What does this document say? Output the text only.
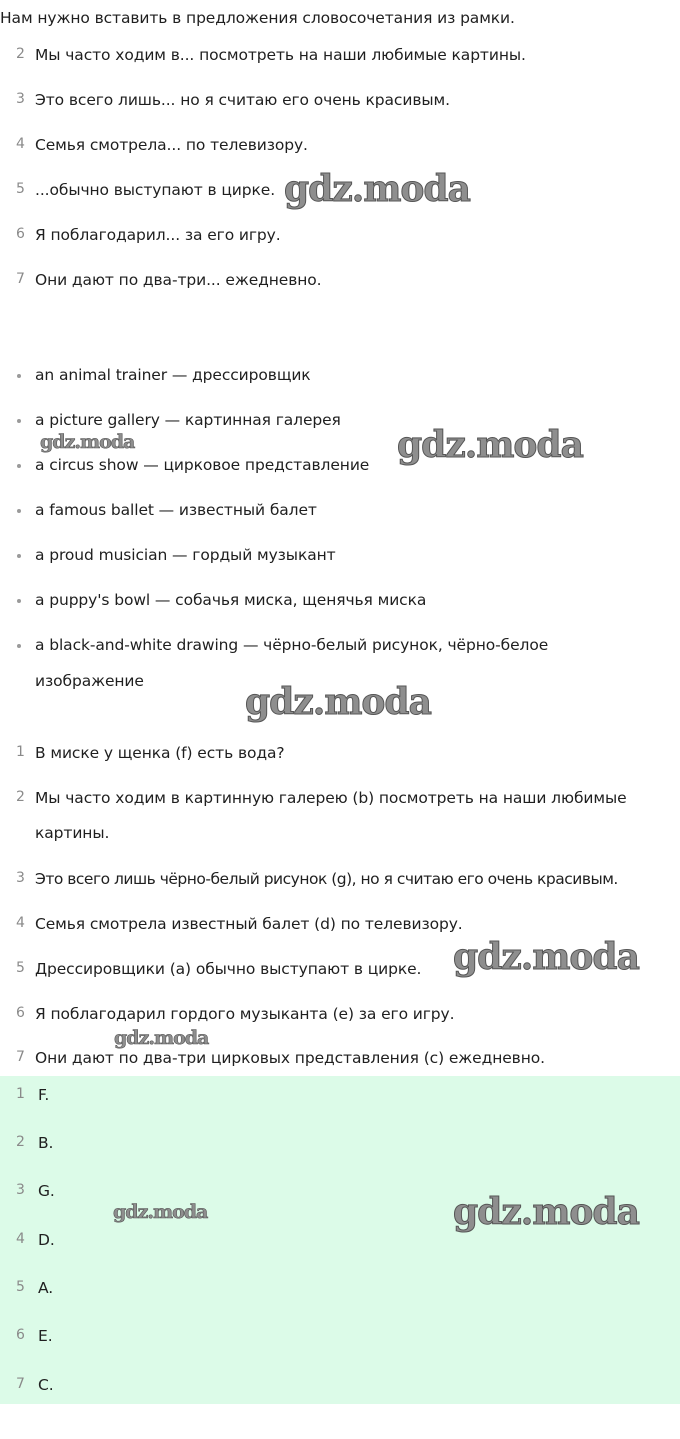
Нам нужно вставить в предложения словосочетания из рамки.
2 Мы часто ходим в... посмотреть на наши любимые картины.
3 Это всего лишь... но я считаю его очень красивым.
4 Семья смотрела... по телевизору.
5 ...обычно выступают в цирке.
6 Я поблагодарил... за его игру.
7 Они дают по два-три... ежедневно.
an animal trainer — дрессировщик
a picture gallery — картинная галерея
a circus show — цирковое представление
a famous ballet — известный балет
a proud musician — гордый музыкант
a puppy's bowl — собачья миска, щенячья миска
a black-and-white drawing — чёрно-белый рисунок, чёрно-белое
изображение
1 В миске у щенка (f) есть вода?
2 Мы часто ходим в картинную галерею (b) посмотреть на наши любимые
картины.
3 Это всего лишь чёрно-белый рисунок (g), но я считаю его очень красивым.
4 Семья смотрела известный балет (d) по телевизору.
5 Дрессировщики (a) обычно выступают в цирке.
6 Я поблагодарил гордого музыканта (e) за его игру.
7 Они дают по два-три цирковых представления (c) ежедневно.
1 F.
2 B.
3 G.
4 D.
5 A.
6 E.
7 C.
gdz.moda
gdz.moda	gdz.moda
gdz.moda
gdz.moda
gdz.moda
gdz.moda	gdz.moda
